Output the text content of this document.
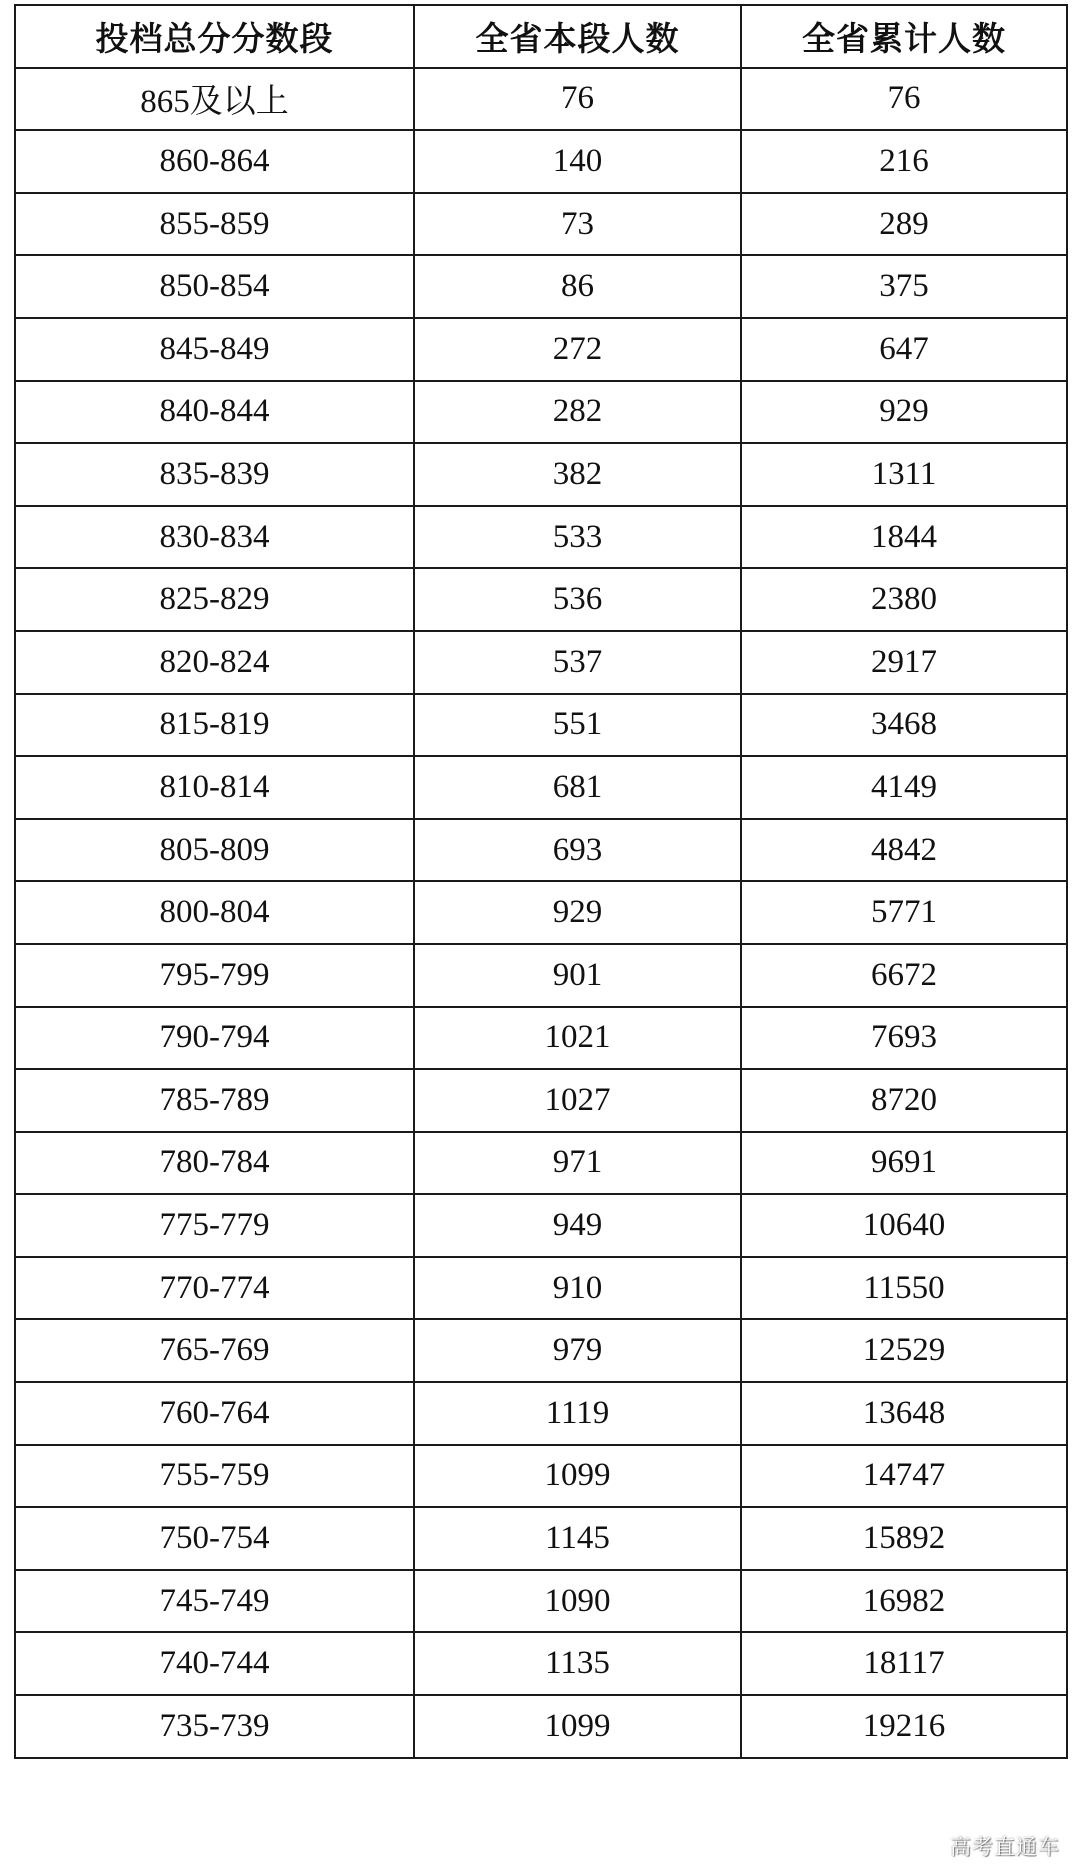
投档总分分数段	全省本段人数	全省累计人数
865及以上	76	76
860-864	140	216
855-859	73	289
850-854	86	375
845-849	272	647
840-844	282	929
835-839	382	1311
830-834	533	1844
825-829	536	2380
820-824	537	2917
815-819	551	3468
810-814	681	4149
805-809	693	4842
800-804	929	5771
795-799	901	6672
790-794	1021	7693
785-789	1027	8720
780-784	971	9691
775-779	949	10640
770-774	910	11550
765-769	979	12529
760-764	1119	13648
755-759	1099	14747
750-754	1145	15892
745-749	1090	16982
740-744	1135	18117
735-739	1099	19216
高考直通车
